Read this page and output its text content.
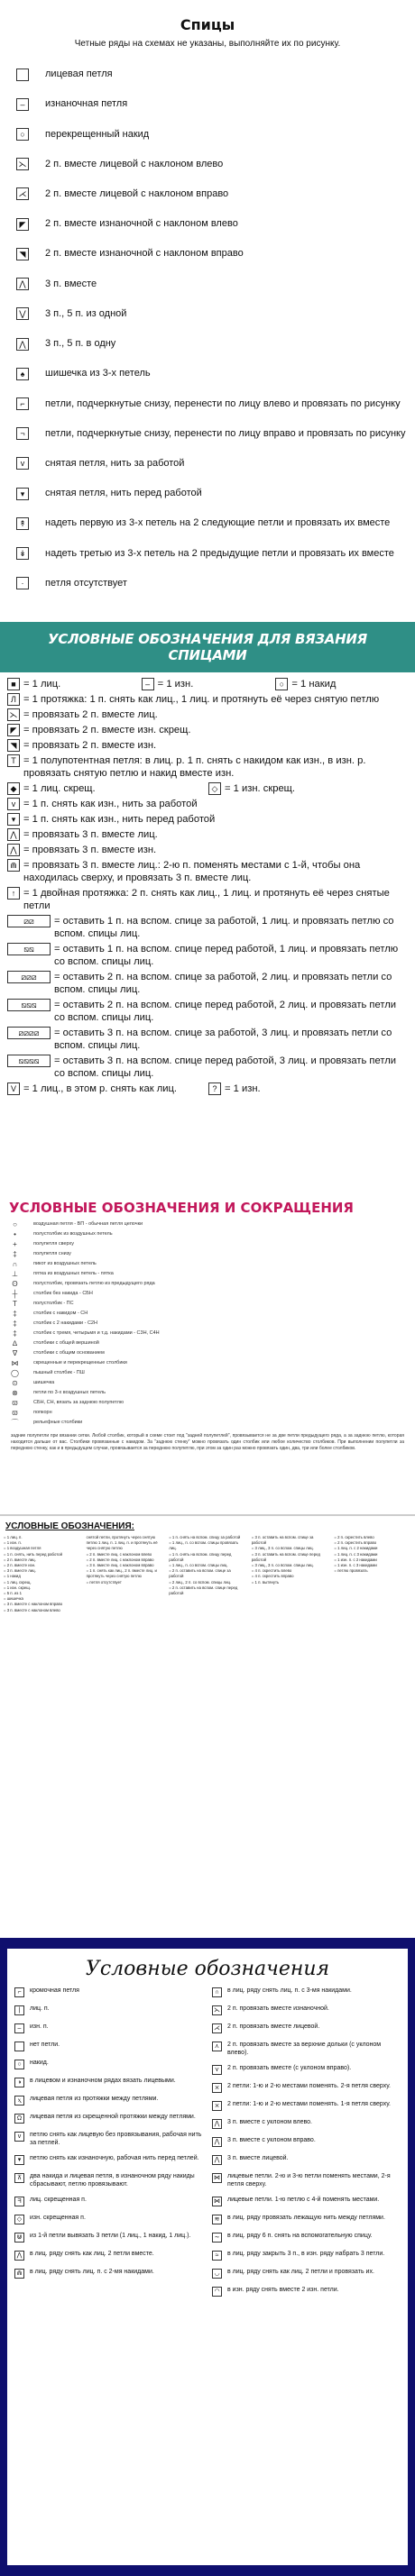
Спицы
Четные ряды на схемах не указаны, выполняйте их по рисунку.
лицевая петля
–	изнаночная петля
○	перекрещенный накид
⋋ 2 п. вместе лицевой с наклоном влево
⋌ 2 п. вместе лицевой с наклоном вправо
◤	2 п. вместе изнаночной с наклоном влево
◥	2 п. вместе изнаночной с наклоном вправо
⋀	3 п. вместе
⋁	3 п., 5 п. из одной
⋀	3 п., 5 п. в одну
♠	шишечка из 3-х петель
⌐	петли, подчеркнутые снизу, перенести по лицу влево и провязать по рисунку
¬	петли, подчеркнутые снизу, перенести по лицу вправо и провязать по рисунку
v	снятая петля, нить за работой
▾	снятая петля, нить перед работой
↟ надеть первую из 3-х петель на 2 следующие петли и провязать их вместе
↡ надеть третью из 3-х петель на 2 предыдущие петли и провязать их вместе
·	петля отсутствует
УСЛОВНЫЕ ОБОЗНАЧЕНИЯ ДЛЯ ВЯЗАНИЯ СПИЦАМИ
■ = 1 лиц.	– = 1 изн.	○ = 1 накид
Л = 1 протяжка: 1 п. снять как лиц., 1 лиц. и протянуть её через снятую петлю
⋋ = провязать 2 п. вместе лиц.
◤ = провязать 2 п. вместе изн. скрещ.
◥ = провязать 2 п. вместе изн.
T = 1 полупотентная петля: в лиц. р. 1 п. снять с накидом как изн., в изн. р. провязать снятую петлю и накид вместе изн.
◆ = 1 лиц. скрещ.	◇ = 1 изн. скрещ.
v = 1 п. снять как изн., нить за работой
▾ = 1 п. снять как изн., нить перед работой
⋀ = провязать 3 п. вместе лиц.
⋀ = провязать 3 п. вместе изн.
⋒ = провязать 3 п. вместе лиц.: 2-ю п. поменять местами с 1-й, чтобы она находилась сверху, и провязать 3 п. вместе лиц.
↑ = 1 двойная протяжка: 2 п. снять как лиц., 1 лиц. и протянуть её через снятые петли
⧄⧄	= оставить 1 п. на вспом. спице за работой, 1 лиц. и провязать петлю со вспом. спицы лиц.
⧅⧅	= оставить 1 п. на вспом. спице перед работой, 1 лиц. и провязать петлю со вспом. спицы лиц.
⧄⧄⧄	= оставить 2 п. на вспом. спице за работой, 2 лиц. и провязать петли со вспом. спицы лиц.
⧅⧅⧅	= оставить 2 п. на вспом. спице перед работой, 2 лиц. и провязать петли со вспом. спицы лиц.
⧄⧄⧄⧄	= оставить 3 п. на вспом. спице за работой, 3 лиц. и провязать петли со вспом. спицы лиц.
⧅⧅⧅⧅	= оставить 3 п. на вспом. спице перед работой, 3 лиц. и провязать петли со вспом. спицы лиц.
V = 1 лиц., в этом р. снять как лиц.	? = 1 изн.
УСЛОВНЫЕ ОБОЗНАЧЕНИЯ И СОКРАЩЕНИЯ
○	воздушная петля - ВП - обычная петля цепочки
•	полустолбик из воздушных петель
+	полупетля сверху
‡	полупетля снизу
∩	пикот из воздушных петель
⊥	пятка из воздушных петель - пятка
ʘ	полустолбик, провязать петлю из предыдущего ряда
┼	столбик без накида - СБН
T	полустолбик - ПС
‡	столбик с накидом - СН
‡	столбик с 2 накидами - С2Н
‡	столбик с тремя, четырьмя и т.д. накидами - С3Н, С4Н
∆	столбики с общей вершиной
∇	столбики с общим основанием
⋈	скрещенные и перекрещенные столбики
◯	пышный столбик - ПШ
⊙	шишечка
⊗	петли по 3-х воздушных петель
ϖ	СБН, СН, вязать за заднюю полупетлю
ϖ	попкорн
⌒	рельефные столбики
задние полупетли при вязании сетки. Любой столбик, который в схеме стоит под "задней полупетлей", провязывается не за две петли предыдущего ряда, а за заднюю петлю, которая находится дальше от вас. Столбики провязанные с накидом. За "заднюю стенку" можно провязать один столбик или любое количество столбиков. При выполнении полупетли за переднюю стенку, как и в предыдущем случае, провязывается за переднюю полупетлю, при этом за один раз можно провязать один, два, три или более столбиков.
УСЛОВНЫЕ ОБОЗНАЧЕНИЯ:
= 1 лиц. п.
= 1 изн. п.
= 1 воздушная петля
= 1 п. снять, нить перед работой
= 2 п. вместе лиц.
= 2 п. вместе изн.
= 3 п. вместе лиц.
= 1 накид
= 1 лиц. скрещ.
= 1 изн. скрещ.
= 5 п. из 1
= шишечка
= 3 п. вместе с наклоном вправо
= 3 п. вместе с наклоном влево
снятой петли, протянуть через снятую петлю 1 лиц. п. 1 лиц. п. и протянуть её через снятую петлю
= 2 п. вместе лиц. с наклоном влево
= 2 п. вместе лиц. с наклоном вправо
= 3 п. вместе лиц. с наклоном вправо
= 1 п. снять как лиц., 2 п. вместе лиц. и протянуть через снятую петлю
= петля отсутствует
= 1 п. снять на вспом. спицу за работой
= 1 лиц., п. со вспом. спицы провязать лиц.
= 1 п. снять на вспом. спицу перед работой
= 1 лиц., п. со вспом. спицы лиц.
= 2 п. оставить на вспом. спице за работой
= 2 лиц., 2 п. со вспом. спицы лиц.
= 2 п. оставить на вспом. спице перед работой
= 3 п. оставить на вспом. спице за работой
= 3 лиц., 3 п. со вспом. спицы лиц.
= 3 п. оставить на вспом. спице перед работой
= 3 лиц., 3 п. со вспом. спицы лиц.
= 4 п. скрестить влево
= 4 п. скрестить вправо
= 1 п. вытянуть
= 2 п. скрестить влево
= 2 п. скрестить вправо
= 1 лиц. п. с 2 накидами
= 1 лиц. п. с 3 накидами
= 1 изн. п. с 2 накидами
= 1 изн. п. с 3 накидами
= петлю провязать
Условные обозначения
⌐	кромочная петля
|	лиц. п.
–	изн. п.
нет петли.
○	накид.
◑	в лицевом и изнаночном рядах вязать лицевыми.
ⲭ	лицевая петля из протяжки между петлями.
Ω	лицевая петля из скрещенной протяжки между петлями.
v	петлю снять как лицевую без провязывания, рабочая нить за петлей.
▾	петлю снять как изнаночную, рабочая нить перед петлей.
⊼	два накида и лицевая петля, в изнаночном ряду накиды сбрасывают, петлю провязывают.
ᖷ	лиц. скрещенная п.
◇	изн. скрещенная п.
⋓	из 1-й петли вывязать 3 петли (1 лиц., 1 накид, 1 лиц.).
⋀	в лиц. ряду снять как лиц. 2 петли вместе.
⋒	в лиц. ряду снять лиц. п. с 2-мя накидами.
∩	в лиц. ряду снять лиц. п. с 3-мя накидами.
⋋ 2 п. провязать вместе изнаночной.
⋌ 2 п. провязать вместе лицевой.
⋏	2 п. провязать вместе за верхние дольки (с уклоном влево).
⋎	2 п. провязать вместе (с уклоном вправо).
⨯	2 петли: 1-ю и 2-ю местами поменять. 2-я петля сверху.
⨯	2 петли: 1-ю и 2-ю местами поменять. 1-я петля сверху.
⋀	3 п. вместе с уклоном влево.
⋀	3 п. вместе с уклоном вправо.
⋀	3 п. вместе лицевой.
⋈ лицевые петли. 2-ю и 3-ю петли поменять местами, 2-я петля сверху.
⋈ лицевые петли. 1-ю петлю с 4-й поменять местами.
≋	в лиц. ряду провязать лежащую нить между петлями.
∼	в лиц. ряду 6 п. снять на вспомогательную спицу.
≈	в лиц. ряду закрыть 3 п., в изн. ряду набрать 3 петли.
◡	в лиц. ряду снять как лиц. 2 петли и провязать их.
◠	в изн. ряду снять вместе 2 изн. петли.
